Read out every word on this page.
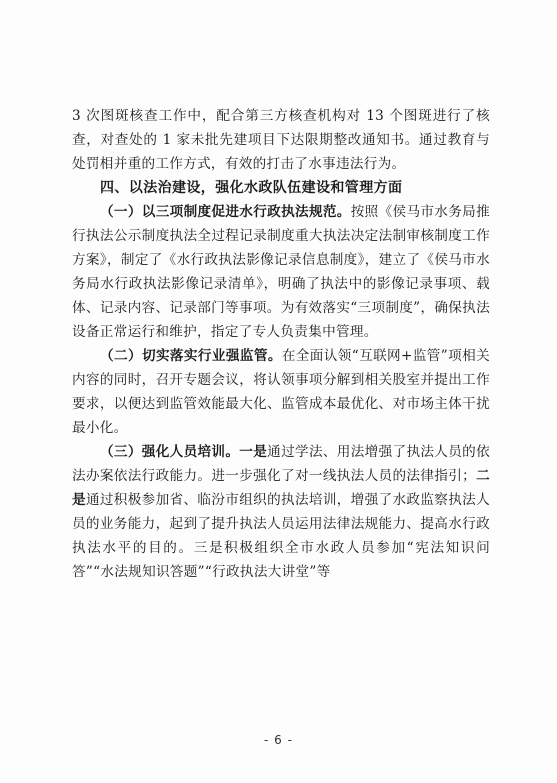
3 次图斑核查工作中，配合第三方核查机构对 13 个图斑进行了核查，对查处的 1 家未批先建项目下达限期整改通知书。通过教育与处罚相并重的工作方式，有效的打击了水事违法行为。

四、以法治建设，强化水政队伍建设和管理方面

（一）以三项制度促进水行政执法规范。按照《侯马市水务局推行执法公示制度执法全过程记录制度重大执法决定法制审核制度工作方案》，制定了《水行政执法影像记录信息制度》，建立了《侯马市水务局水行政执法影像记录清单》，明确了执法中的影像记录事项、载体、记录内容、记录部门等事项。为有效落实“三项制度”，确保执法设备正常运行和维护，指定了专人负责集中管理。

（二）切实落实行业强监管。在全面认领“互联网+监管”项相关内容的同时，召开专题会议，将认领事项分解到相关股室并提出工作要求，以便达到监管效能最大化、监管成本最优化、对市场主体干扰最小化。

（三）强化人员培训。一是通过学法、用法增强了执法人员的依法办案依法行政能力。进一步强化了对一线执法人员的法律指引；二是通过积极参加省、临汾市组织的执法培训，增强了水政监察执法人员的业务能力，起到了提升执法人员运用法律法规能力、提高水行政执法水平的目的。三是积极组织全市水政人员参加“宪法知识问答”“水法规知识答题”“行政执法大讲堂”等

- 6 -
